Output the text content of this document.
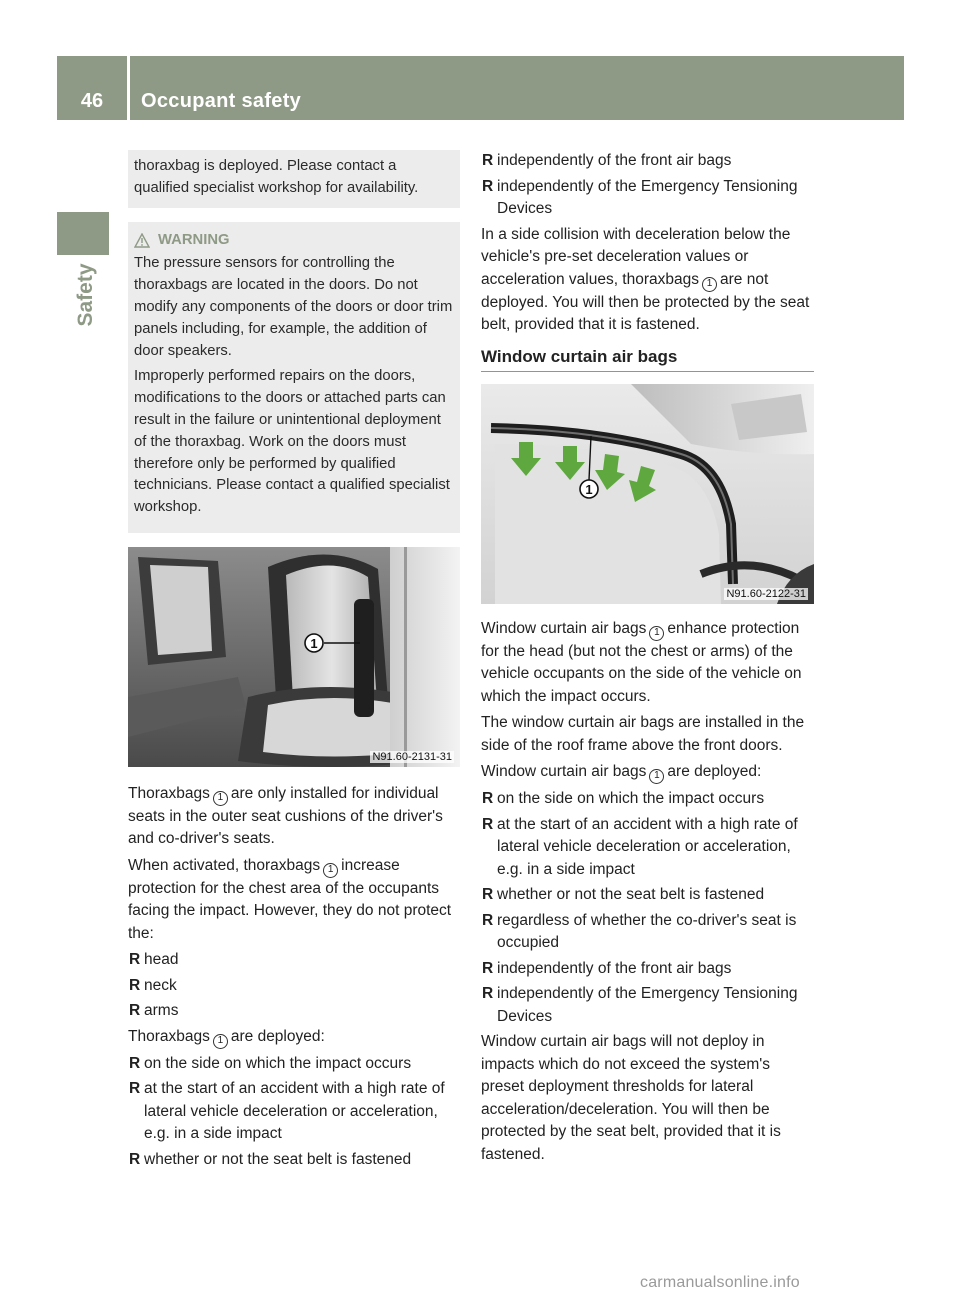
46	Occupant safety
Safety
thoraxbag is deployed. Please contact a qualified specialist workshop for availability.
WARNING

The pressure sensors for controlling the thoraxbags are located in the doors. Do not modify any components of the doors or door trim panels including, for example, the addition of door speakers.

Improperly performed repairs on the doors, modifications to the doors or attached parts can result in the failure or unintentional deployment of the thoraxbag. Work on the doors must therefore only be performed by qualified technicians. Please contact a qualified specialist workshop.

1
N91.60-2131-31

Thoraxbags 1 are only installed for individual seats in the outer seat cushions of the driver's and co-driver's seats.

When activated, thoraxbags 1 increase protection for the chest area of the occupants facing the impact. However, they do not protect the:

R head
R neck
R arms

Thoraxbags 1 are deployed:

R on the side on which the impact occurs
R at the start of an accident with a high rate of lateral vehicle deceleration or acceleration, e.g. in a side impact
R whether or not the seat belt is fastened
R independently of the front air bags
R independently of the Emergency Tensioning Devices

In a side collision with deceleration below the vehicle's pre-set deceleration values or acceleration values, thoraxbags 1 are not deployed. You will then be protected by the seat belt, provided that it is fastened.

Window curtain air bags
1
N91.60-2122-31

Window curtain air bags 1 enhance protection for the head (but not the chest or arms) of the vehicle occupants on the side of the vehicle on which the impact occurs.

The window curtain air bags are installed in the side of the roof frame above the front doors.

Window curtain air bags 1 are deployed:

R on the side on which the impact occurs
R at the start of an accident with a high rate of lateral vehicle deceleration or acceleration, e.g. in a side impact
R whether or not the seat belt is fastened
R regardless of whether the co-driver's seat is occupied
R independently of the front air bags
R independently of the Emergency Tensioning Devices

Window curtain air bags will not deploy in impacts which do not exceed the system's preset deployment thresholds for lateral acceleration/deceleration. You will then be protected by the seat belt, provided that it is fastened.

carmanualsonline.info
